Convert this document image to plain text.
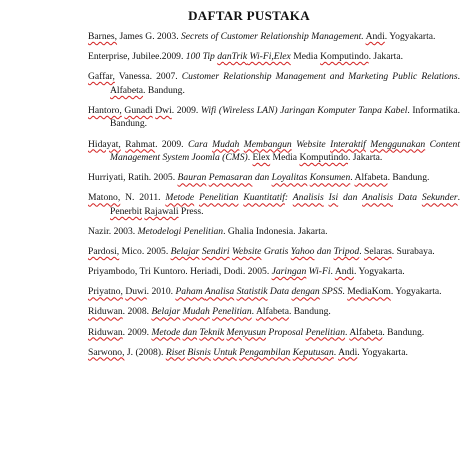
DAFTAR PUSTAKA
Barnes, James G. 2003. Secrets of Customer Relationship Management. Andi. Yogyakarta.
Enterprise, Jubilee.2009. 100 Tip danTrik Wi-Fi,Elex Media Komputindo. Jakarta.
Gaffar, Vanessa. 2007. Customer Relationship Management and Marketing Public Relations. Alfabeta. Bandung.
Hantoro, Gunadi Dwi. 2009. Wifi (Wireless LAN) Jaringan Komputer Tanpa Kabel. Informatika. Bandung.
Hidayat, Rahmat. 2009. Cara Mudah Membangun Website Interaktif Menggunakan Content Management System Joomla (CMS). Elex Media Komputindo. Jakarta.
Hurriyati, Ratih. 2005. Bauran Pemasaran dan Loyalitas Konsumen. Alfabeta. Bandung.
Matono, N. 2011. Metode Penelitian Kuantitatif: Analisis Isi dan Analisis Data Sekunder. Penerbit Rajawali Press.
Nazir. 2003. Metodelogi Penelitian. Ghalia Indonesia. Jakarta.
Pardosi, Mico. 2005. Belajar Sendiri Website Gratis Yahoo dan Tripod. Selaras. Surabaya.
Priyambodo, Tri Kuntoro. Heriadi, Dodi. 2005. Jaringan Wi-Fi. Andi. Yogyakarta.
Priyatno, Duwi. 2010. Paham Analisa Statistik Data dengan SPSS. MediaKom. Yogyakarta.
Riduwan. 2008. Belajar Mudah Penelitian. Alfabeta. Bandung.
Riduwan. 2009. Metode dan Teknik Menyusun Proposal Penelitian. Alfabeta. Bandung.
Sarwono, J. (2008). Riset Bisnis Untuk Pengambilan Keputusan. Andi. Yogyakarta.
